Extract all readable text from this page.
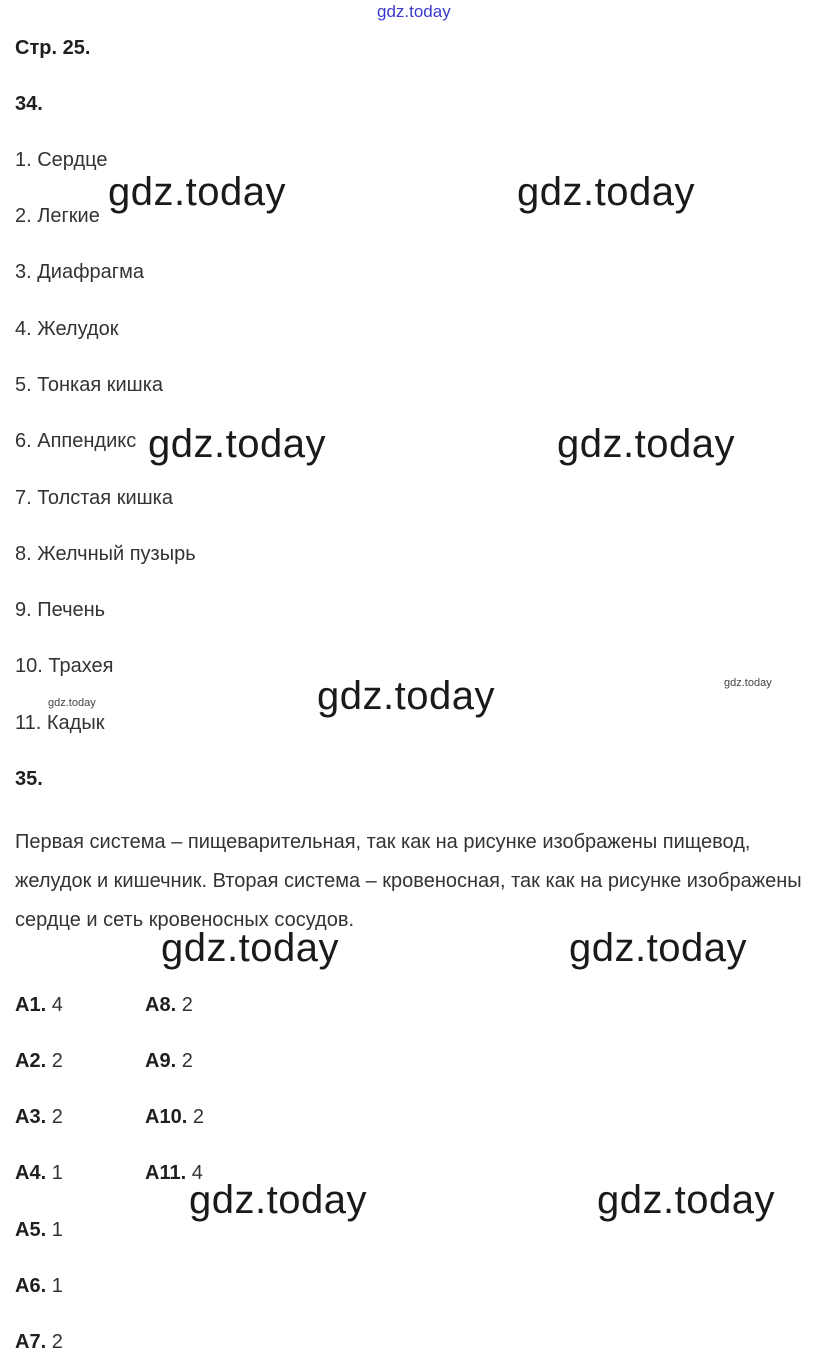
gdz.today
Стр. 25.
34.
1. Сердце
2. Легкие
3. Диафрагма
4. Желудок
5. Тонкая кишка
6. Аппендикс
7. Толстая кишка
8. Желчный пузырь
9. Печень
10. Трахея
11. Кадык
35.
Первая система – пищеварительная, так как на рисунке изображены пищевод, желудок и кишечник. Вторая система – кровеносная, так как на рисунке изображены сердце и сеть кровеносных сосудов.
A1. 4
A2. 2
A3. 2
A4. 1
A5. 1
A6. 1
A7. 2
A8. 2
A9. 2
A10. 2
A11. 4
gdz.today	gdz.today
gdz.today	gdz.today
gdz.today
gdz.today	gdz.today
gdz.today	gdz.today
gdz.today
gdz.today
